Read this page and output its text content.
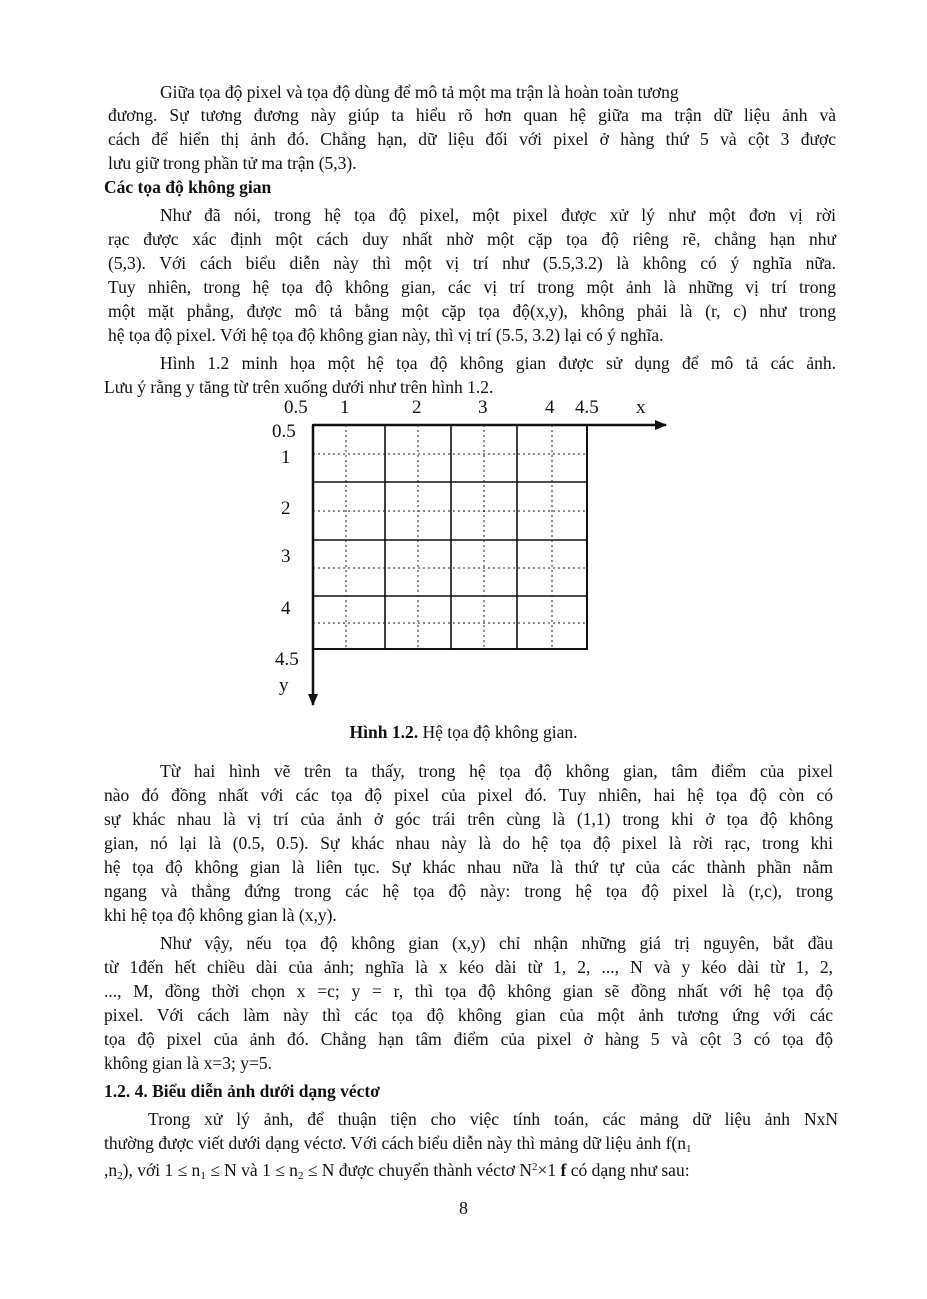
Giữa tọa độ pixel và tọa độ dùng để mô tả một ma trận là hoàn toàn tương
đương. Sự tương đương này giúp ta hiểu rõ hơn quan hệ giữa ma trận dữ liệu ảnh và
cách để hiển thị ảnh đó. Chẳng hạn, dữ liệu đối với pixel ở hàng thứ 5 và cột 3 được
lưu giữ trong phần tử ma trận (5,3).
Các tọa độ không gian
Như đã nói, trong hệ tọa độ pixel, một pixel được xử lý như một đơn vị rời
rạc được xác định một cách duy nhất nhờ một cặp tọa độ riêng rẽ, chẳng hạn như
(5,3). Với cách biểu diễn này thì một vị trí như (5.5,3.2) là không có ý nghĩa nữa.
Tuy nhiên, trong hệ tọa độ không gian, các vị trí trong một ảnh là những vị trí trong
một mặt phẳng, được mô tả bằng một cặp tọa độ(x,y), không phải là (r, c) như trong
hệ tọa độ pixel. Với hệ tọa độ không gian này, thì vị trí (5.5, 3.2) lại có ý nghĩa.
Hình 1.2 minh họa một hệ tọa độ không gian được sử dụng để mô tả các ảnh.
Lưu ý rằng y tăng từ trên xuống dưới như trên hình 1.2.
0.5 1	2	3	4 4.5 x
0.5
1
2
3
4
4.5
y
Hình 1.2. Hệ tọa độ không gian.
Từ hai hình vẽ trên ta thấy, trong hệ tọa độ không gian, tâm điểm của pixel
nào đó đồng nhất với các tọa độ pixel của pixel đó. Tuy nhiên, hai hệ tọa độ còn có
sự khác nhau là vị trí của ảnh ở góc trái trên cùng là (1,1) trong khi ở tọa độ không
gian, nó lại là (0.5, 0.5). Sự khác nhau này là do hệ tọa độ pixel là rời rạc, trong khi
hệ tọa độ không gian là liên tục. Sự khác nhau nữa là thứ tự của các thành phần nằm
ngang và thẳng đứng trong các hệ tọa độ này: trong hệ tọa độ pixel là (r,c), trong
khi hệ tọa độ không gian là (x,y).
Như vậy, nếu tọa độ không gian (x,y) chỉ nhận những giá trị nguyên, bắt đầu
từ 1đến hết chiều dài của ảnh; nghĩa là x kéo dài từ 1, 2, ..., N và y kéo dài từ 1, 2,
..., M, đồng thời chọn x =c; y = r, thì tọa độ không gian sẽ đồng nhất với hệ tọa độ
pixel. Với cách làm này thì các tọa độ không gian của một ảnh tương ứng với các
tọa độ pixel của ảnh đó. Chẳng hạn tâm điểm của pixel ở hàng 5 và cột 3 có tọa độ
không gian là x=3; y=5.
1.2. 4. Biểu diễn ảnh dưới dạng véctơ
Trong xử lý ảnh, để thuận tiện cho việc tính toán, các mảng dữ liệu ảnh NxN
thường được viết dưới dạng véctơ. Với cách biểu diễn này thì mảng dữ liệu ảnh $f(n_1$
$,n_2$), với $1 \le n_1 \le N$ và $1 \le n_2 \le N$ được chuyển thành véctơ $N^2\times 1$ f có dạng như sau:
8
